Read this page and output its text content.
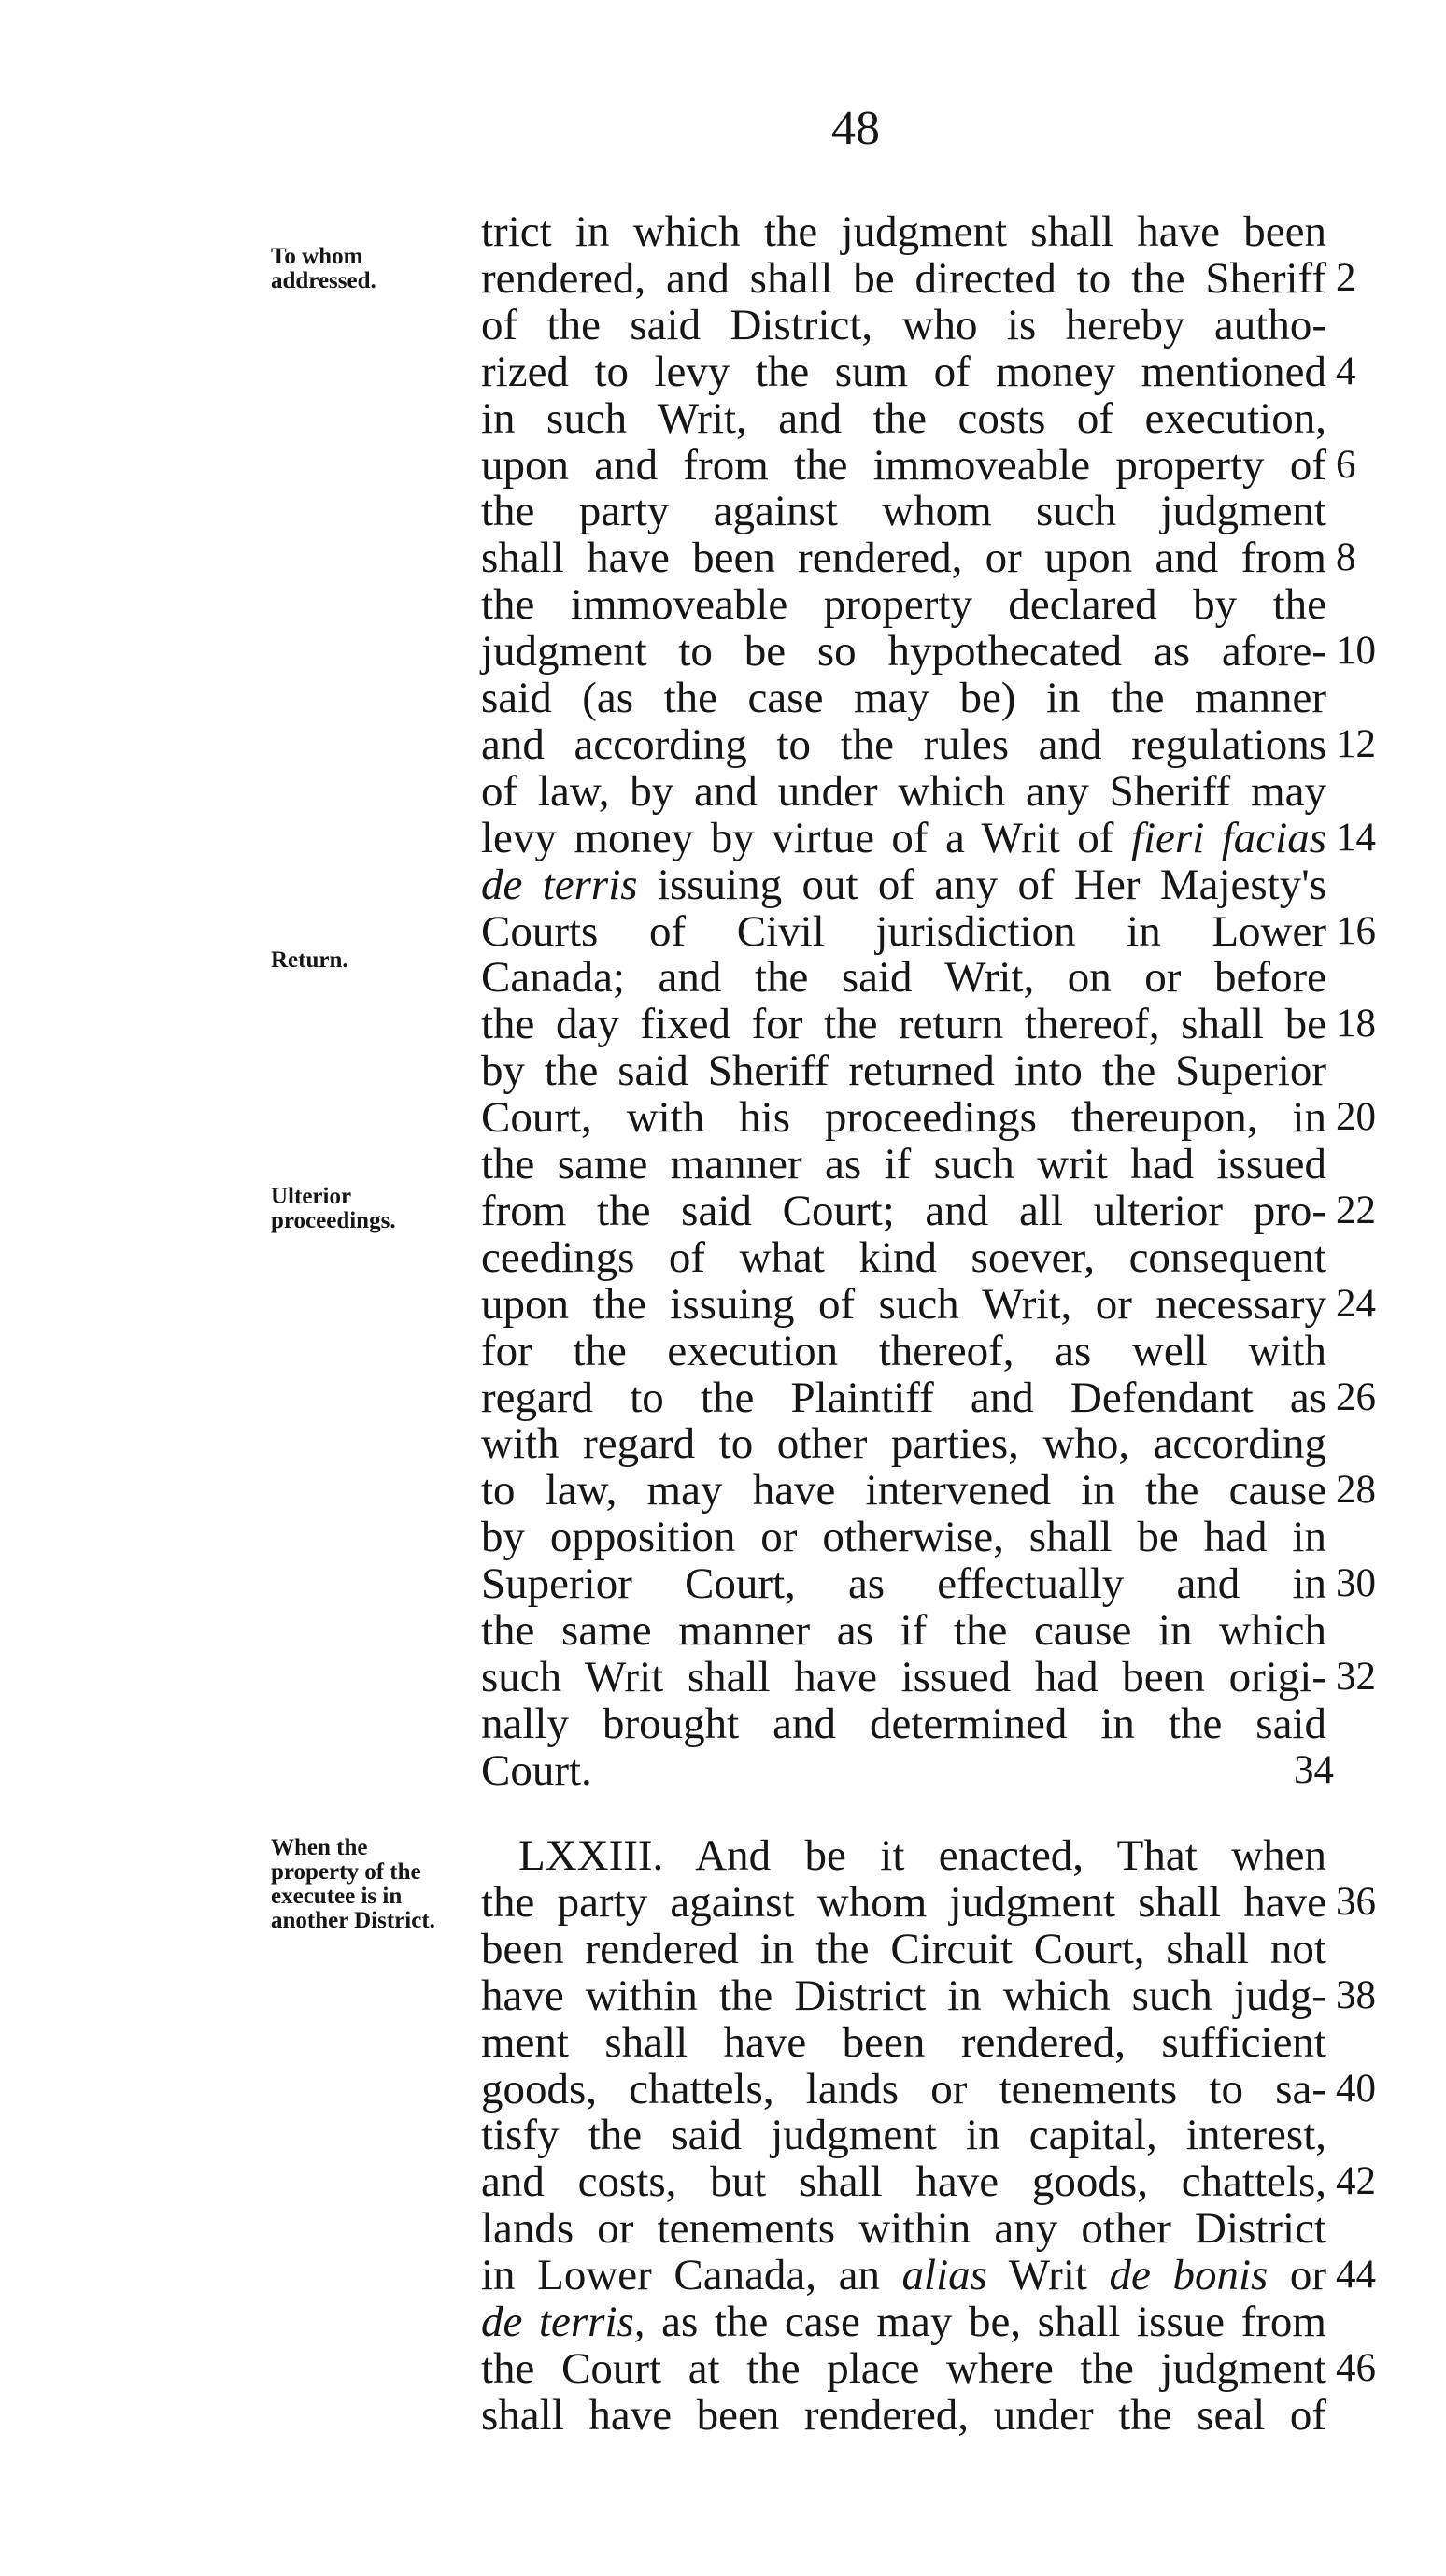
48
To whom addressed.
Return.
Ulterior proceedings.
When the property of the executee is in another District.
trict in which the judgment shall have been
rendered, and shall be directed to the Sheriff 2
of the said District, who is hereby autho-
rized to levy the sum of money mentioned 4
in such Writ, and the costs of execution,
upon and from the immoveable property of 6
the party against whom such judgment
shall have been rendered, or upon and from 8
the immoveable property declared by the
judgment to be so hypothecated as afore- 10
said (as the case may be) in the manner
and according to the rules and regulations 12
of law, by and under which any Sheriff may
levy money by virtue of a Writ of fieri facias 14
de terris issuing out of any of Her Majesty's
Courts of Civil jurisdiction in Lower 16
Canada; and the said Writ, on or before
the day fixed for the return thereof, shall be 18
by the said Sheriff returned into the Superior
Court, with his proceedings thereupon, in 20
the same manner as if such writ had issued
from the said Court; and all ulterior pro- 22
ceedings of what kind soever, consequent
upon the issuing of such Writ, or necessary 24
for the execution thereof, as well with
regard to the Plaintiff and Defendant as 26
with regard to other parties, who, according
to law, may have intervened in the cause 28
by opposition or otherwise, shall be had in
Superior Court, as effectually and in 30
the same manner as if the cause in which
such Writ shall have issued had been origi- 32
nally brought and determined in the said
Court.	34
LXXIII. And be it enacted, That when
the party against whom judgment shall have 36
been rendered in the Circuit Court, shall not
have within the District in which such judg- 38
ment shall have been rendered, sufficient
goods, chattels, lands or tenements to sa- 40
tisfy the said judgment in capital, interest,
and costs, but shall have goods, chattels, 42
lands or tenements within any other District
in Lower Canada, an alias Writ de bonis or 44
de terris, as the case may be, shall issue from
the Court at the place where the judgment 46
shall have been rendered, under the seal of
